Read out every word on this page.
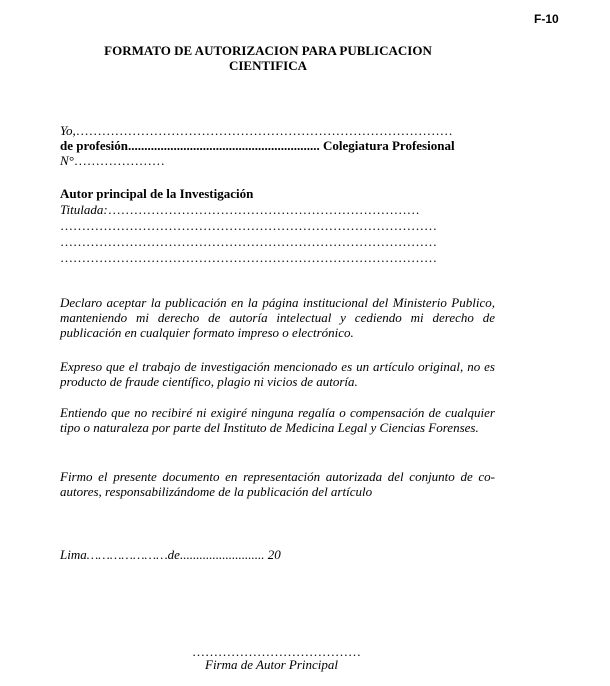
F-10
FORMATO DE AUTORIZACION PARA PUBLICACION
CIENTIFICA
Yo,……………………………………………………………………………
de profesión........................................................... Colegiatura Profesional
N°…………………
Autor principal de la Investigación
Titulada:………………………………………………………………
……………………………………………………………………………
……………………………………………………………………………
……………………………………………………………………………
Declaro aceptar la publicación en la página institucional del Ministerio Publico, manteniendo mi derecho de autoría intelectual y cediendo mi derecho de publicación en cualquier formato impreso o electrónico.
Expreso que el trabajo de investigación mencionado es un artículo original, no es producto de fraude científico, plagio ni vicios de autoría.
Entiendo que no recibiré ni exigiré ninguna regalía o compensación de cualquier tipo o naturaleza por parte del Instituto de Medicina Legal y Ciencias Forenses.
Firmo el presente documento en representación autorizada del conjunto de co-autores, responsabilizándome de la publicación del artículo
Lima…………………de.......................... 20
…………………………………
Firma de Autor Principal
